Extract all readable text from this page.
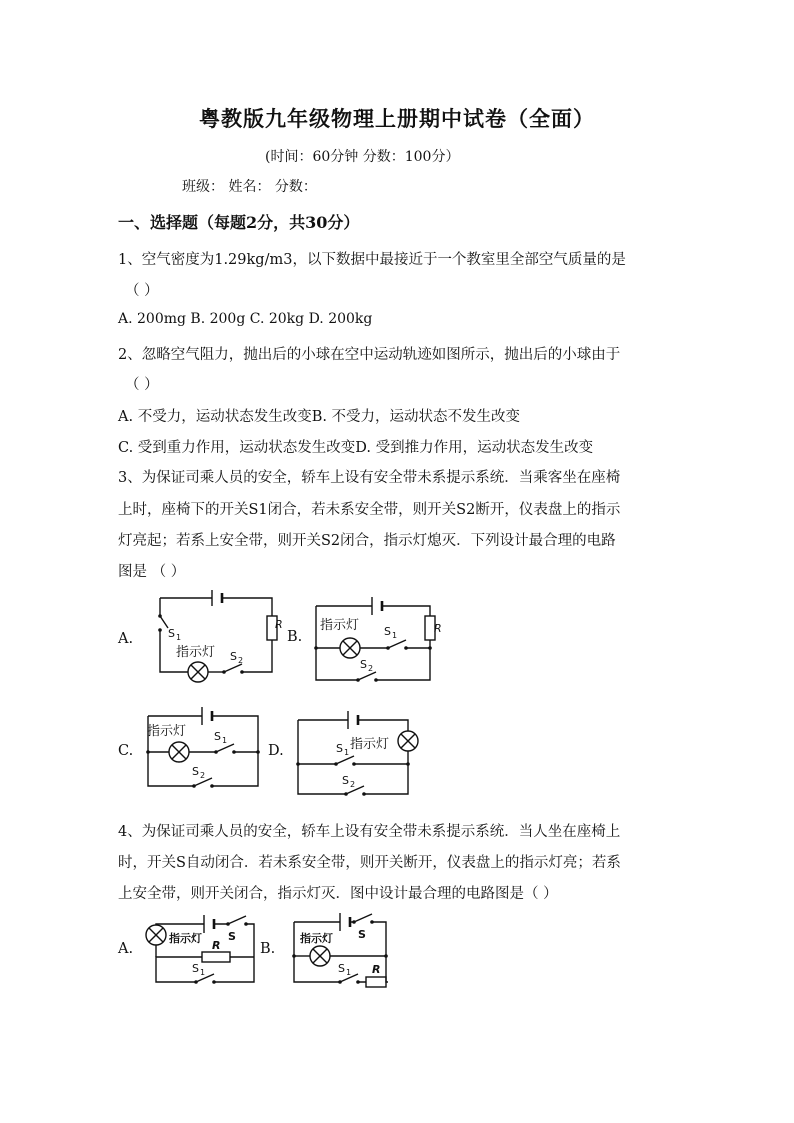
粤教版九年级物理上册期中试卷（全面）
(时间：60分钟 分数：100分）
班级： 姓名： 分数：
一、选择题（每题2分，共30分）
1、空气密度为1.29kg/m3，以下数据中最接近于一个教室里全部空气质量的是
（ ）
A. 200mg B. 200g C. 20kg D. 200kg
2、忽略空气阻力，抛出后的小球在空中运动轨迹如图所示，抛出后的小球由于
（ ）
A. 不受力，运动状态发生改变B. 不受力，运动状态不发生改变
C. 受到重力作用，运动状态发生改变D. 受到推力作用，运动状态发生改变
3、为保证司乘人员的安全，轿车上设有安全带未系提示系统．当乘客坐在座椅
上时，座椅下的开关S1闭合，若未系安全带，则开关S2断开，仪表盘上的指示
灯亮起；若系上安全带，则开关S2闭合，指示灯熄灭．下列设计最合理的电路
图是 （ ）
A.	B.
C.	D.
R
S 1
指示灯 S 2
R
指示灯 S 1
S 2
指示灯	S 1
S 2
S 1
指示灯
S 2
4、为保证司乘人员的安全，轿车上设有安全带未系提示系统．当人坐在座椅上
时，开关S自动闭合．若未系安全带，则开关断开，仪表盘上的指示灯亮；若系
上安全带，则开关闭合，指示灯灭．图中设计最合理的电路图是（ ）
A.	B.
指示灯 S
R
S 1
指示灯 S
S 1 R
